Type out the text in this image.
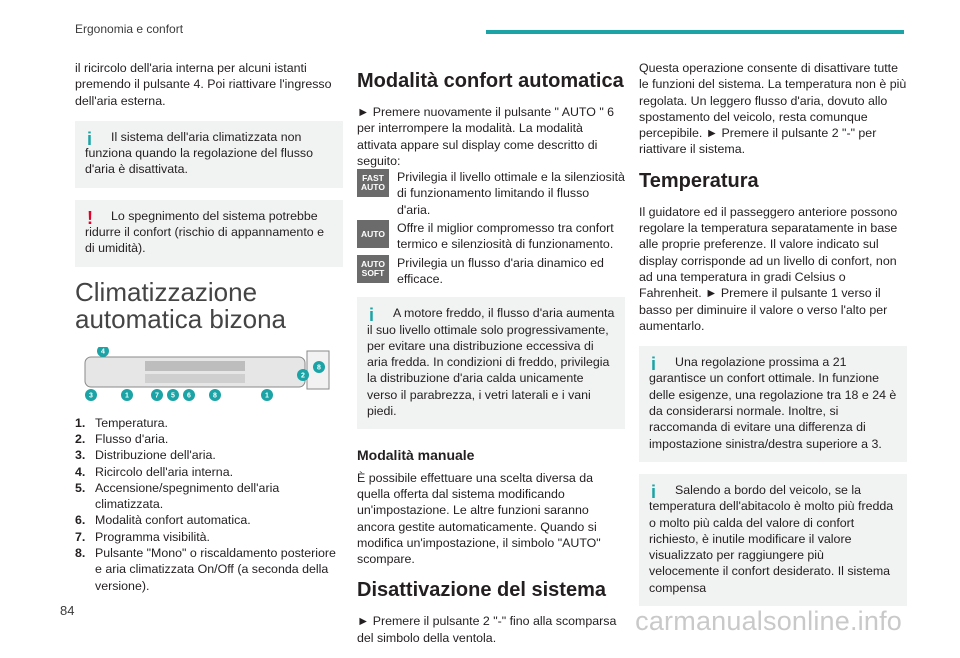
Ergonomia e confort

il ricircolo dell'aria interna per alcuni istanti premendo il pulsante 4. Poi riattivare l'ingresso dell'aria esterna.

i	Il sistema dell'aria climatizzata non funziona quando la regolazione del flusso d'aria è disattivata.
!	Lo spegnimento del sistema potrebbe ridurre il confort (rischio di appannamento e di umidità).
Climatizzazione automatica bizona
4
3	1	7 5 6	8	1
2
8
1. Temperatura.
2. Flusso d'aria.
3. Distribuzione dell'aria.
4. Ricircolo dell'aria interna.
5. Accensione/spegnimento dell'aria climatizzata.
6. Modalità confort automatica.
7. Programma visibilità.
8. Pulsante "Mono" o riscaldamento posteriore e aria climatizzata On/Off (a seconda della versione).
Modalità confort automatica

► Premere nuovamente il pulsante " AUTO " 6 per interrompere la modalità. La modalità attivata appare sul display come descritto di seguito:

FAST
AUTO
Privilegia il livello ottimale e la silenziosità di funzionamento limitando il flusso d'aria.
AUTO Offre il miglior compromesso tra confort termico e silenziosità di funzionamento.
AUTO
SOFT
Privilegia un flusso d'aria dinamico ed efficace.
i	A motore freddo, il flusso d'aria aumenta il suo livello ottimale solo progressivamente, per evitare una distribuzione eccessiva di aria fredda. In condizioni di freddo, privilegia la distribuzione d'aria calda unicamente verso il parabrezza, i vetri laterali e i vani piedi.
Modalità manuale

È possibile effettuare una scelta diversa da quella offerta dal sistema modificando un'impostazione. Le altre funzioni saranno ancora gestite automaticamente. Quando si modifica un'impostazione, il simbolo "AUTO" scompare.

Disattivazione del sistema

► Premere il pulsante 2 "-" fino alla scomparsa del simbolo della ventola.

Questa operazione consente di disattivare tutte le funzioni del sistema. La temperatura non è più regolata. Un leggero flusso d'aria, dovuto allo spostamento del veicolo, resta comunque percepibile. ► Premere il pulsante 2 "-" per riattivare il sistema.

Temperatura

Il guidatore ed il passeggero anteriore possono regolare la temperatura separatamente in base alle proprie preferenze. Il valore indicato sul display corrisponde ad un livello di confort, non ad una temperatura in gradi Celsius o Fahrenheit. ► Premere il pulsante 1 verso il basso per diminuire il valore o verso l'alto per aumentarlo.

i	Una regolazione prossima a 21 garantisce un confort ottimale. In funzione delle esigenze, una regolazione tra 18 e 24 è da considerarsi normale. Inoltre, si raccomanda di evitare una differenza di impostazione sinistra/destra superiore a 3.
i	Salendo a bordo del veicolo, se la temperatura dell'abitacolo è molto più fredda o molto più calda del valore di confort richiesto, è inutile modificare il valore visualizzato per raggiungere più velocemente il confort desiderato. Il sistema compensa
84	carmanualsonline.info
